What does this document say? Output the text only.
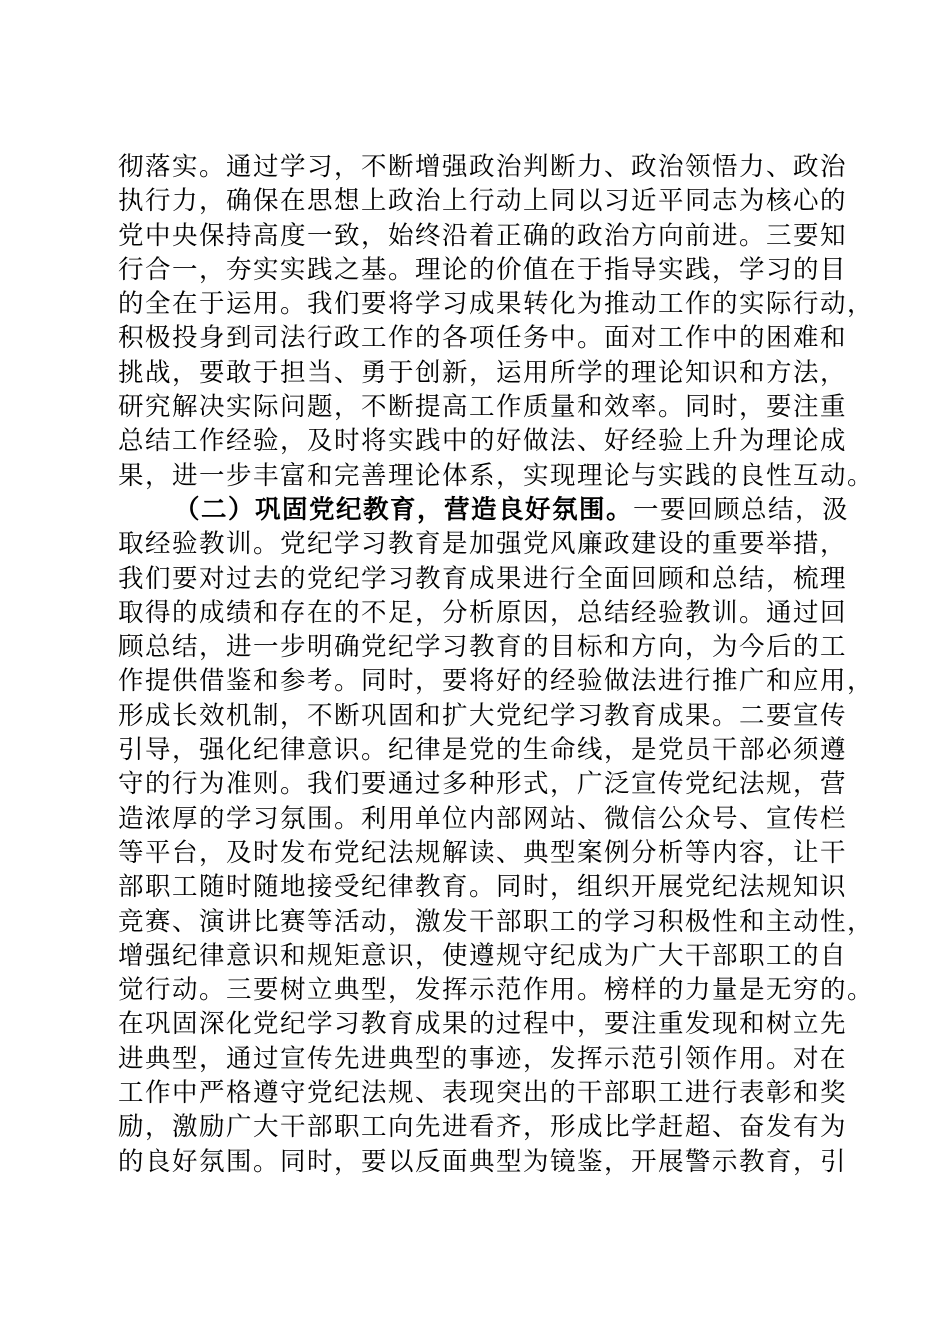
彻落实。通过学习，不断增强政治判断力、政治领悟力、政治
执行力，确保在思想上政治上行动上同以习近平同志为核心的
党中央保持高度一致，始终沿着正确的政治方向前进。三要知
行合一，夯实实践之基。理论的价值在于指导实践，学习的目
的全在于运用。我们要将学习成果转化为推动工作的实际行动，
积极投身到司法行政工作的各项任务中。面对工作中的困难和
挑战，要敢于担当、勇于创新，运用所学的理论知识和方法，
研究解决实际问题，不断提高工作质量和效率。同时，要注重
总结工作经验，及时将实践中的好做法、好经验上升为理论成
果，进一步丰富和完善理论体系，实现理论与实践的良性互动。
（二）巩固党纪教育，营造良好氛围。一要回顾总结，汲
取经验教训。党纪学习教育是加强党风廉政建设的重要举措，
我们要对过去的党纪学习教育成果进行全面回顾和总结，梳理
取得的成绩和存在的不足，分析原因，总结经验教训。通过回
顾总结，进一步明确党纪学习教育的目标和方向，为今后的工
作提供借鉴和参考。同时，要将好的经验做法进行推广和应用，
形成长效机制，不断巩固和扩大党纪学习教育成果。二要宣传
引导，强化纪律意识。纪律是党的生命线，是党员干部必须遵
守的行为准则。我们要通过多种形式，广泛宣传党纪法规，营
造浓厚的学习氛围。利用单位内部网站、微信公众号、宣传栏
等平台，及时发布党纪法规解读、典型案例分析等内容，让干
部职工随时随地接受纪律教育。同时，组织开展党纪法规知识
竞赛、演讲比赛等活动，激发干部职工的学习积极性和主动性，
增强纪律意识和规矩意识，使遵规守纪成为广大干部职工的自
觉行动。三要树立典型，发挥示范作用。榜样的力量是无穷的。
在巩固深化党纪学习教育成果的过程中，要注重发现和树立先
进典型，通过宣传先进典型的事迹，发挥示范引领作用。对在
工作中严格遵守党纪法规、表现突出的干部职工进行表彰和奖
励，激励广大干部职工向先进看齐，形成比学赶超、奋发有为
的良好氛围。同时，要以反面典型为镜鉴，开展警示教育，引
